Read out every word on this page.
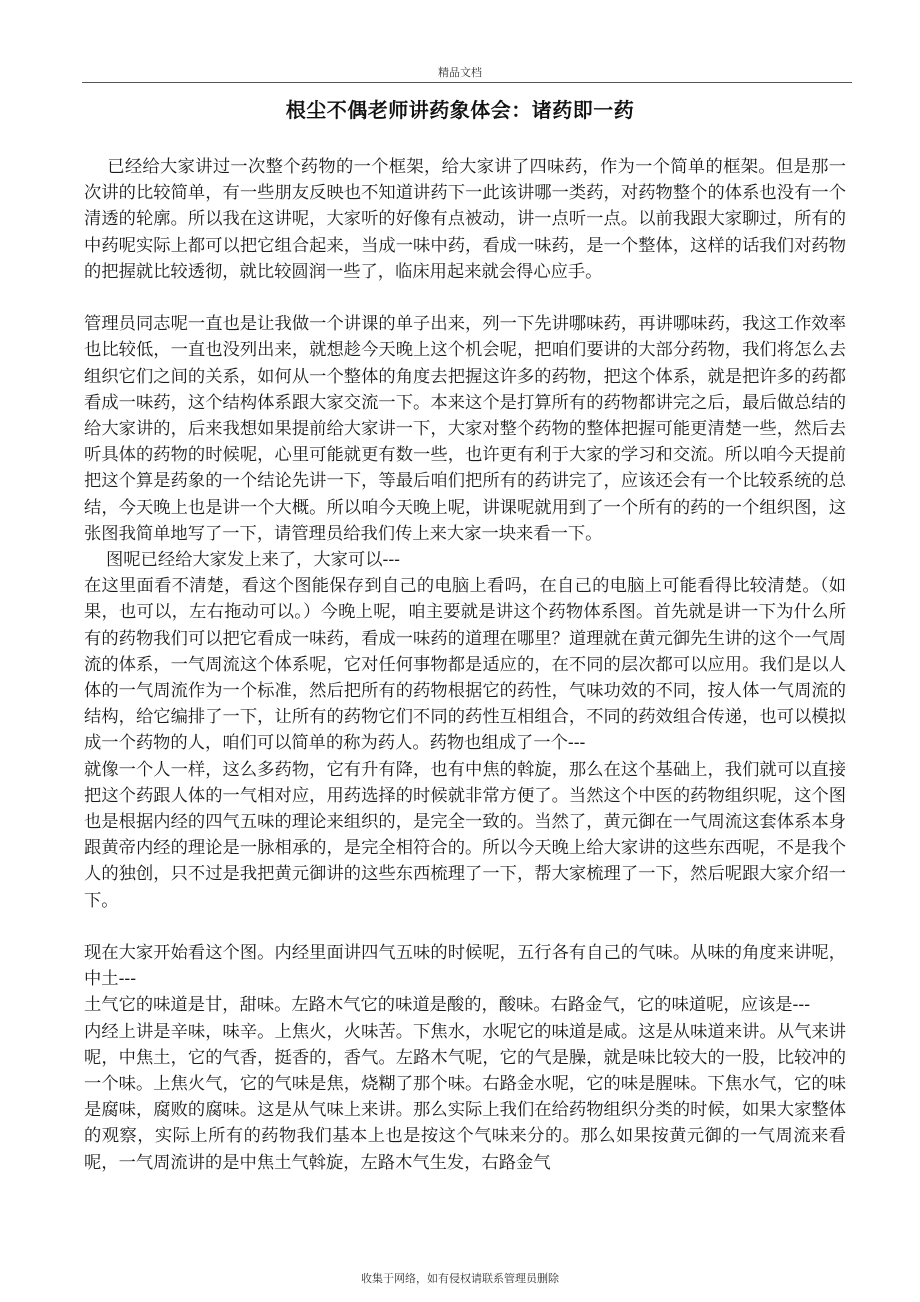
精品文档
根尘不偶老师讲药象体会：诸药即一药

已经给大家讲过一次整个药物的一个框架，给大家讲了四味药，作为一个简单的框架。但是那一次讲的比较简单，有一些朋友反映也不知道讲药下一此该讲哪一类药，对药物整个的体系也没有一个清透的轮廓。所以我在这讲呢，大家听的好像有点被动，讲一点听一点。以前我跟大家聊过，所有的中药呢实际上都可以把它组合起来，当成一味中药，看成一味药，是一个整体，这样的话我们对药物的把握就比较透彻，就比较圆润一些了，临床用起来就会得心应手。

管理员同志呢一直也是让我做一个讲课的单子出来，列一下先讲哪味药，再讲哪味药，我这工作效率也比较低，一直也没列出来，就想趁今天晚上这个机会呢，把咱们要讲的大部分药物，我们将怎么去组织它们之间的关系，如何从一个整体的角度去把握这许多的药物，把这个体系，就是把许多的药都看成一味药，这个结构体系跟大家交流一下。本来这个是打算所有的药物都讲完之后，最后做总结的给大家讲的，后来我想如果提前给大家讲一下，大家对整个药物的整体把握可能更清楚一些，然后去听具体的药物的时候呢，心里可能就更有数一些，也许更有利于大家的学习和交流。所以咱今天提前把这个算是药象的一个结论先讲一下，等最后咱们把所有的药讲完了，应该还会有一个比较系统的总结，今天晚上也是讲一个大概。所以咱今天晚上呢，讲课呢就用到了一个所有的药的一个组织图，这张图我简单地写了一下，请管理员给我们传上来大家一块来看一下。

图呢已经给大家发上来了，大家可以---

在这里面看不清楚，看这个图能保存到自己的电脑上看吗，在自己的电脑上可能看得比较清楚。（如果，也可以，左右拖动可以。）今晚上呢，咱主要就是讲这个药物体系图。首先就是讲一下为什么所有的药物我们可以把它看成一味药，看成一味药的道理在哪里？道理就在黄元御先生讲的这个一气周流的体系，一气周流这个体系呢，它对任何事物都是适应的，在不同的层次都可以应用。我们是以人体的一气周流作为一个标准，然后把所有的药物根据它的药性，气味功效的不同，按人体一气周流的结构，给它编排了一下，让所有的药物它们不同的药性互相组合，不同的药效组合传递，也可以模拟成一个药物的人，咱们可以简单的称为药人。药物也组成了一个---

就像一个人一样，这么多药物，它有升有降，也有中焦的斡旋，那么在这个基础上，我们就可以直接把这个药跟人体的一气相对应，用药选择的时候就非常方便了。当然这个中医的药物组织呢，这个图也是根据内经的四气五味的理论来组织的，是完全一致的。当然了，黄元御在一气周流这套体系本身跟黄帝内经的理论是一脉相承的，是完全相符合的。所以今天晚上给大家讲的这些东西呢，不是我个人的独创，只不过是我把黄元御讲的这些东西梳理了一下，帮大家梳理了一下，然后呢跟大家介绍一下。

现在大家开始看这个图。内经里面讲四气五味的时候呢，五行各有自己的气味。从味的角度来讲呢，中土---

土气它的味道是甘，甜味。左路木气它的味道是酸的，酸味。右路金气，它的味道呢，应该是---

内经上讲是辛味，味辛。上焦火，火味苦。下焦水，水呢它的味道是咸。这是从味道来讲。从气来讲呢，中焦土，它的气香，挺香的，香气。左路木气呢，它的气是臊，就是味比较大的一股，比较冲的一个味。上焦火气，它的气味是焦，烧糊了那个味。右路金水呢，它的味是腥味。下焦水气，它的味是腐味，腐败的腐味。这是从气味上来讲。那么实际上我们在给药物组织分类的时候，如果大家整体的观察，实际上所有的药物我们基本上也是按这个气味来分的。那么如果按黄元御的一气周流来看呢，一气周流讲的是中焦土气斡旋，左路木气生发，右路金气

收集于网络，如有侵权请联系管理员删除
